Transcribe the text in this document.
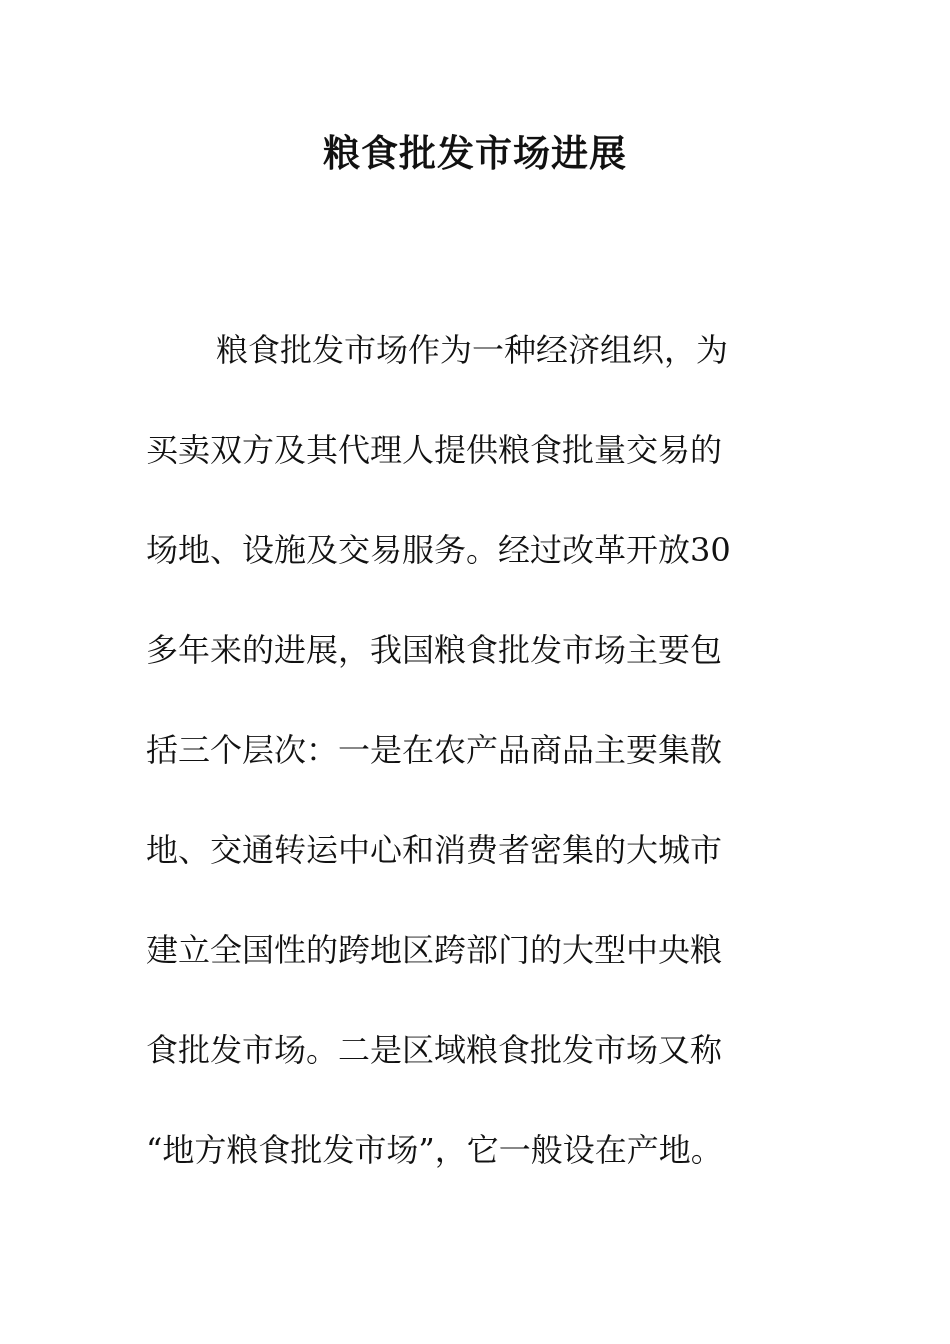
粮食批发市场进展
粮食批发市场作为一种经济组织，为
买卖双方及其代理人提供粮食批量交易的
场地、设施及交易服务。经过改革开放30
多年来的进展，我国粮食批发市场主要包
括三个层次：一是在农产品商品主要集散
地、交通转运中心和消费者密集的大城市
建立全国性的跨地区跨部门的大型中央粮
食批发市场。二是区域粮食批发市场又称
“地方粮食批发市场”，它一般设在产地。
